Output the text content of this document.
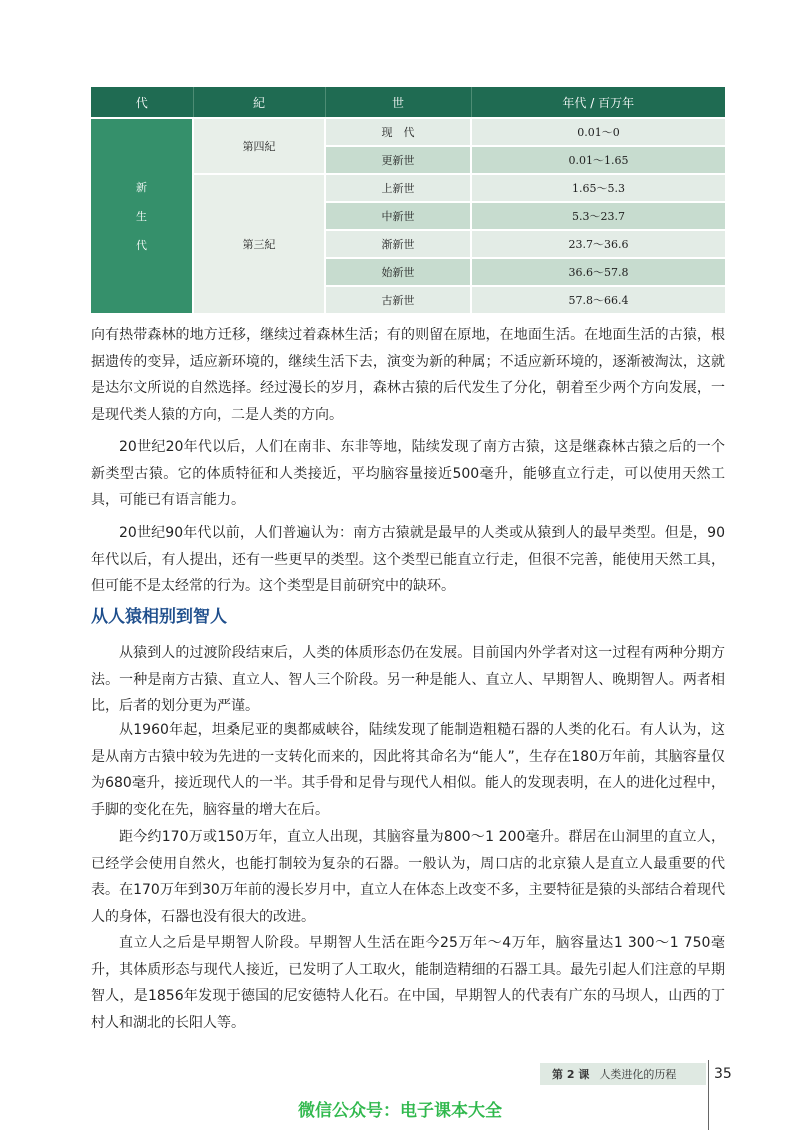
代	紀	世	年代 / 百万年

新
生
代	第四紀	现　代	0.01～0
		更新世	0.01～1.65
	第三紀	上新世	1.65～5.3
		中新世	5.3～23.7
		渐新世	23.7～36.6
		始新世	36.6～57.8
		古新世	57.8～66.4

向有热带森林的地方迁移，继续过着森林生活；有的则留在原地，在地面生活。在地面生活的古猿，根据遗传的变异，适应新环境的，继续生活下去，演变为新的种属；不适应新环境的，逐渐被淘汰，这就是达尔文所说的自然选择。经过漫长的岁月，森林古猿的后代发生了分化，朝着至少两个方向发展，一是现代类人猿的方向，二是人类的方向。

20世纪20年代以后，人们在南非、东非等地，陆续发现了南方古猿，这是继森林古猿之后的一个新类型古猿。它的体质特征和人类接近，平均脑容量接近500毫升，能够直立行走，可以使用天然工具，可能已有语言能力。

20世纪90年代以前，人们普遍认为：南方古猿就是最早的人类或从猿到人的最早类型。但是，90年代以后，有人提出，还有一些更早的类型。这个类型已能直立行走，但很不完善，能使用天然工具，但可能不是太经常的行为。这个类型是目前研究中的缺环。

从人猿相别到智人

从猿到人的过渡阶段结束后，人类的体质形态仍在发展。目前国内外学者对这一过程有两种分期方法。一种是南方古猿、直立人、智人三个阶段。另一种是能人、直立人、早期智人、晚期智人。两者相比，后者的划分更为严谨。

从1960年起，坦桑尼亚的奥都威峡谷，陆续发现了能制造粗糙石器的人类的化石。有人认为，这是从南方古猿中较为先进的一支转化而来的，因此将其命名为“能人”，生存在180万年前，其脑容量仅为680毫升，接近现代人的一半。其手骨和足骨与现代人相似。能人的发现表明，在人的进化过程中，手脚的变化在先，脑容量的增大在后。

距今约170万或150万年，直立人出现，其脑容量为800～1 200毫升。群居在山洞里的直立人，已经学会使用自然火，也能打制较为复杂的石器。一般认为，周口店的北京猿人是直立人最重要的代表。在170万年到30万年前的漫长岁月中，直立人在体态上改变不多，主要特征是猿的头部结合着现代人的身体，石器也没有很大的改进。

直立人之后是早期智人阶段。早期智人生活在距今25万年～4万年，脑容量达1 300～1 750毫升，其体质形态与现代人接近，已发明了人工取火，能制造精细的石器工具。最先引起人们注意的早期智人，是1856年发现于德国的尼安德特人化石。在中国，早期智人的代表有广东的马坝人，山西的丁村人和湖北的长阳人等。

第 2 课 人类进化的历程	35
微信公众号：电子课本大全
